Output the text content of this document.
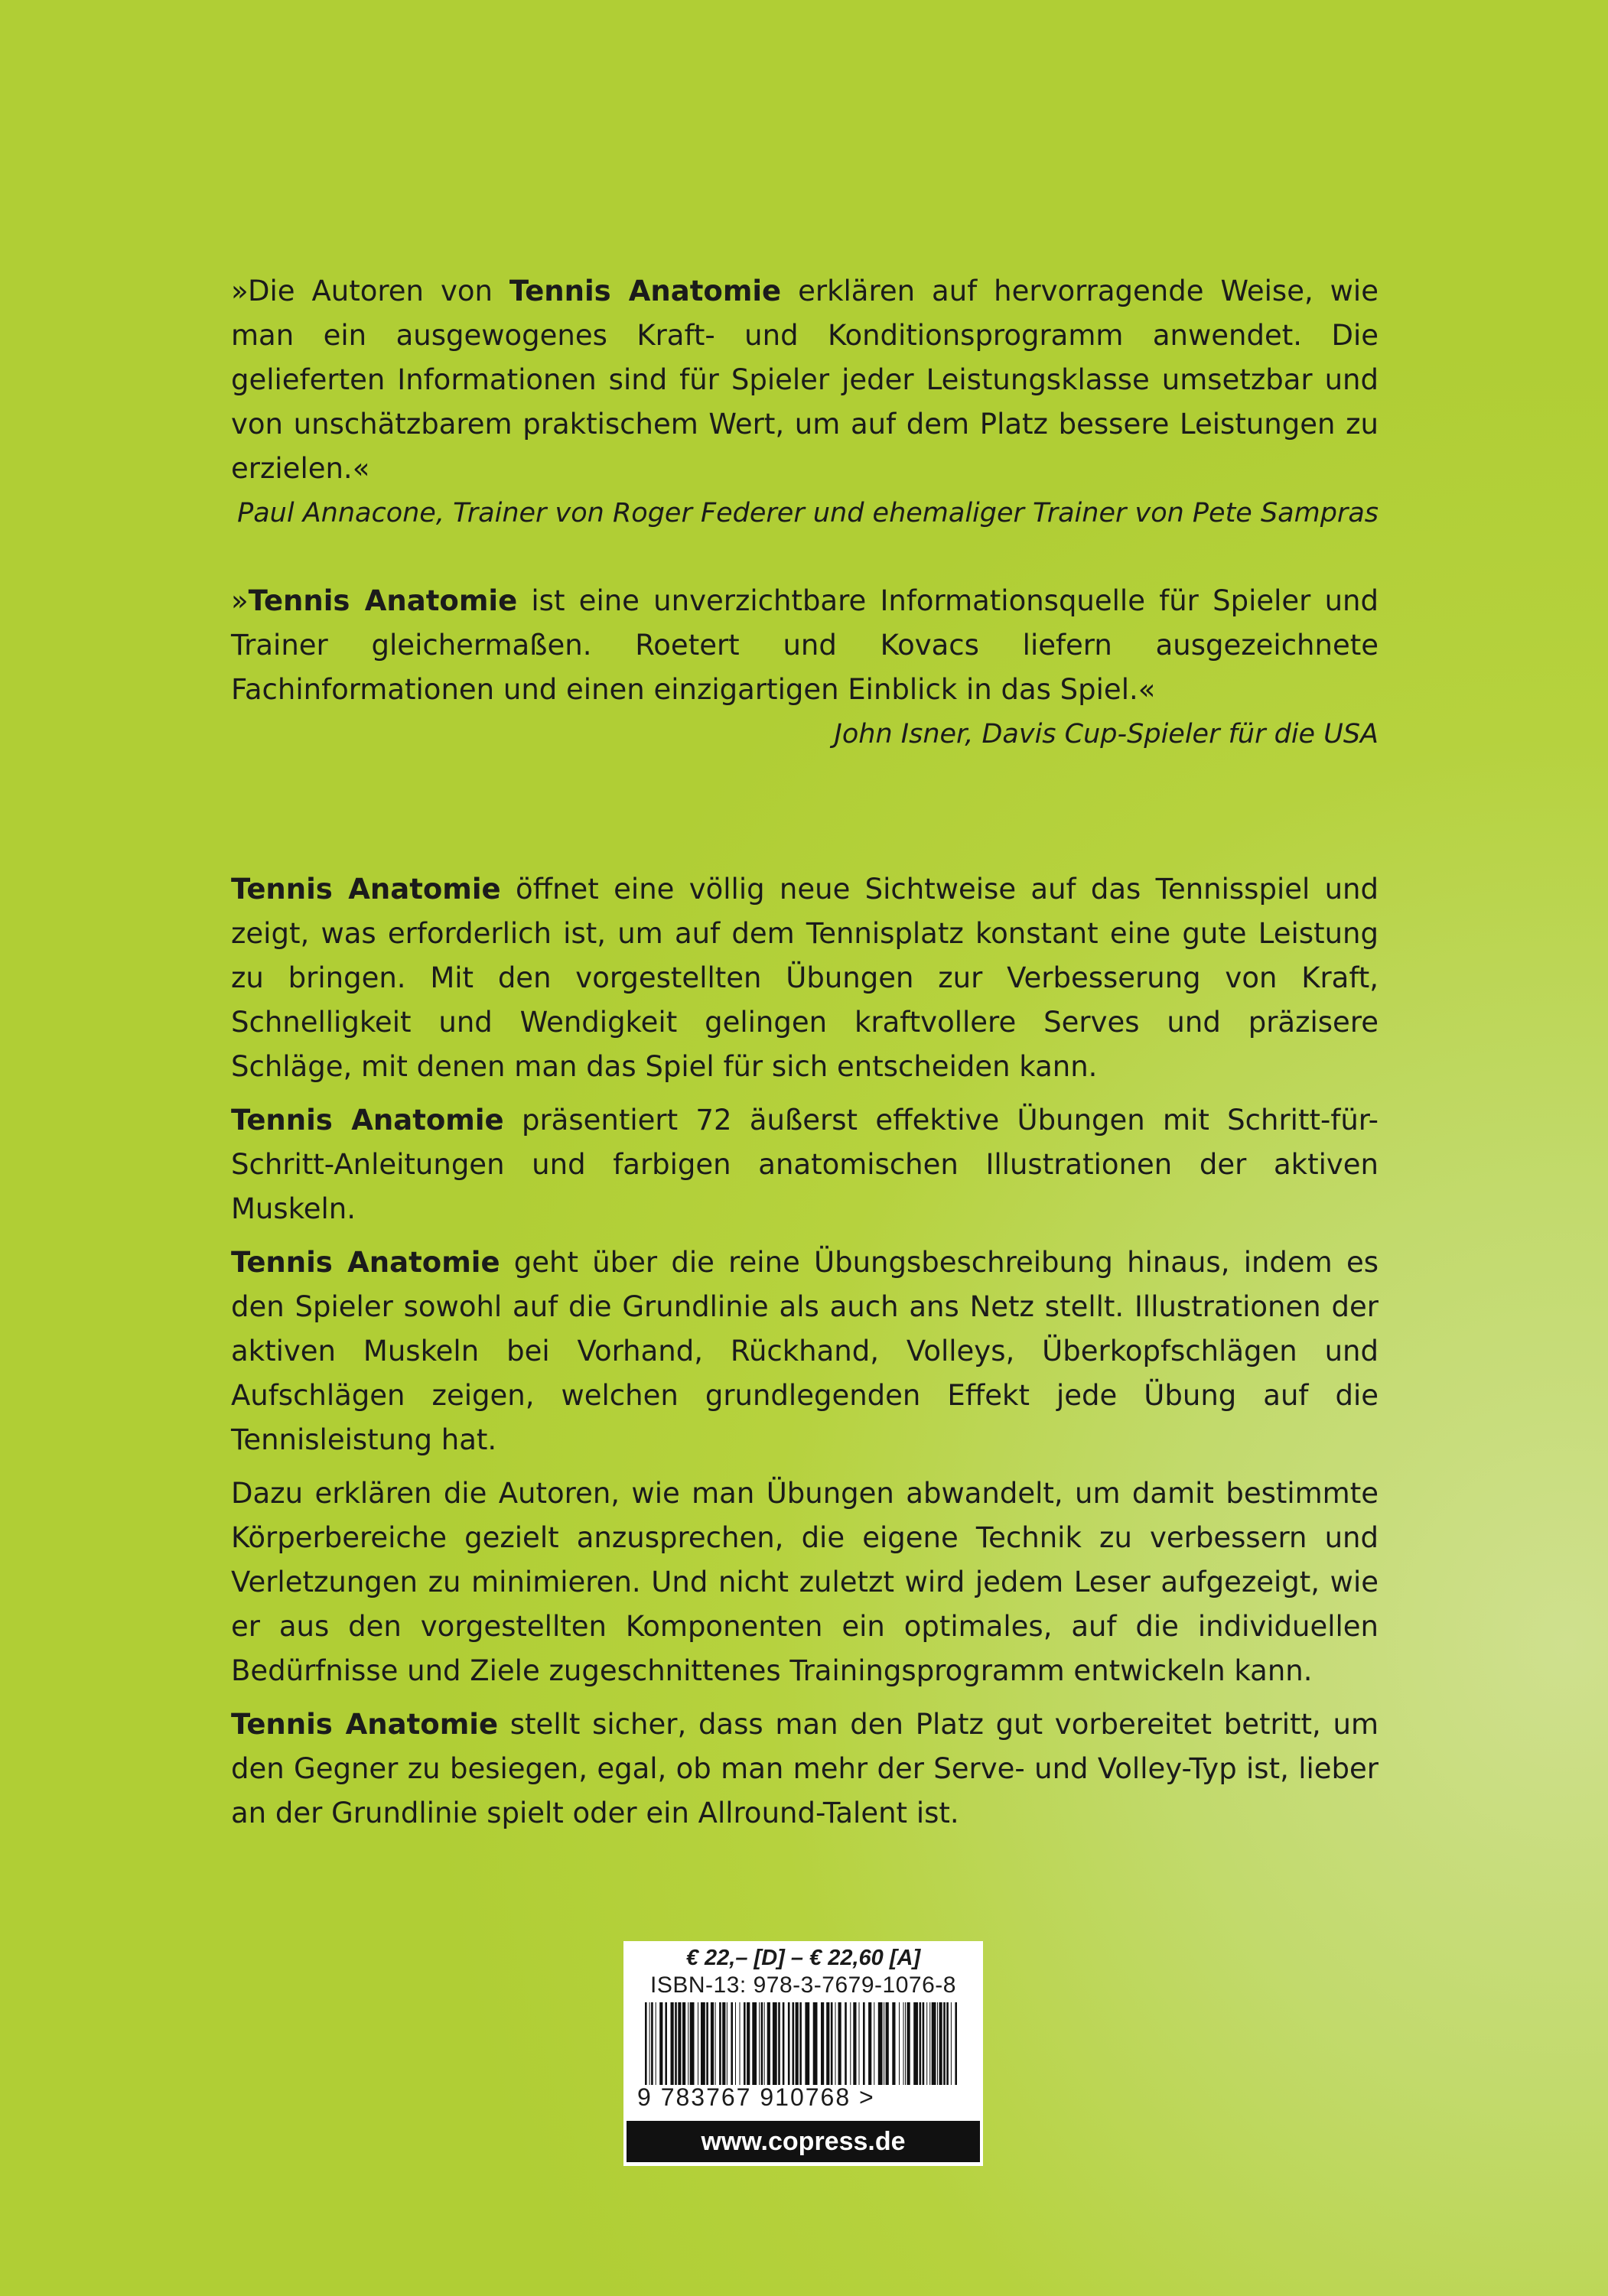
»Die Autoren von Tennis Anatomie erklären auf hervorragende Weise, wie man ein ausgewogenes Kraft- und Konditionsprogramm anwendet. Die gelieferten Informationen sind für Spieler jeder Leistungsklasse umsetzbar und von unschätzbarem praktischem Wert, um auf dem Platz bessere Leistungen zu erzielen.«

Paul Annacone, Trainer von Roger Federer und ehemaliger Trainer von Pete Sampras

»Tennis Anatomie ist eine unverzichtbare Informationsquelle für Spieler und Trainer gleichermaßen. Roetert und Kovacs liefern ausgezeichnete Fachinformationen und einen einzigartigen Einblick in das Spiel.«

John Isner, Davis Cup-Spieler für die USA

Tennis Anatomie öffnet eine völlig neue Sichtweise auf das Tennisspiel und zeigt, was erforderlich ist, um auf dem Tennisplatz konstant eine gute Leistung zu bringen. Mit den vorgestellten Übungen zur Verbesserung von Kraft, Schnelligkeit und Wendigkeit gelingen kraftvollere Serves und präzisere Schläge, mit denen man das Spiel für sich entscheiden kann.

Tennis Anatomie präsentiert 72 äußerst effektive Übungen mit Schritt-für-Schritt-Anleitungen und farbigen anatomischen Illustrationen der aktiven Muskeln.

Tennis Anatomie geht über die reine Übungsbeschreibung hinaus, indem es den Spieler sowohl auf die Grundlinie als auch ans Netz stellt. Illustrationen der aktiven Muskeln bei Vorhand, Rückhand, Volleys, Überkopfschlägen und Aufschlägen zeigen, welchen grundlegenden Effekt jede Übung auf die Tennisleistung hat.

Dazu erklären die Autoren, wie man Übungen abwandelt, um damit bestimmte Körperbereiche gezielt anzusprechen, die eigene Technik zu verbessern und Verletzungen zu minimieren. Und nicht zuletzt wird jedem Leser aufgezeigt, wie er aus den vorgestellten Komponenten ein optimales, auf die individuellen Bedürfnisse und Ziele zugeschnittenes Trainingsprogramm entwickeln kann.

Tennis Anatomie stellt sicher, dass man den Platz gut vorbereitet betritt, um den Gegner zu besiegen, egal, ob man mehr der Serve- und Volley-Typ ist, lieber an der Grundlinie spielt oder ein Allround-Talent ist.

€ 22,– [D] – € 22,60 [A]
ISBN-13: 978-3-7679-1076-8
9 783767 910768 >
www.copress.de
